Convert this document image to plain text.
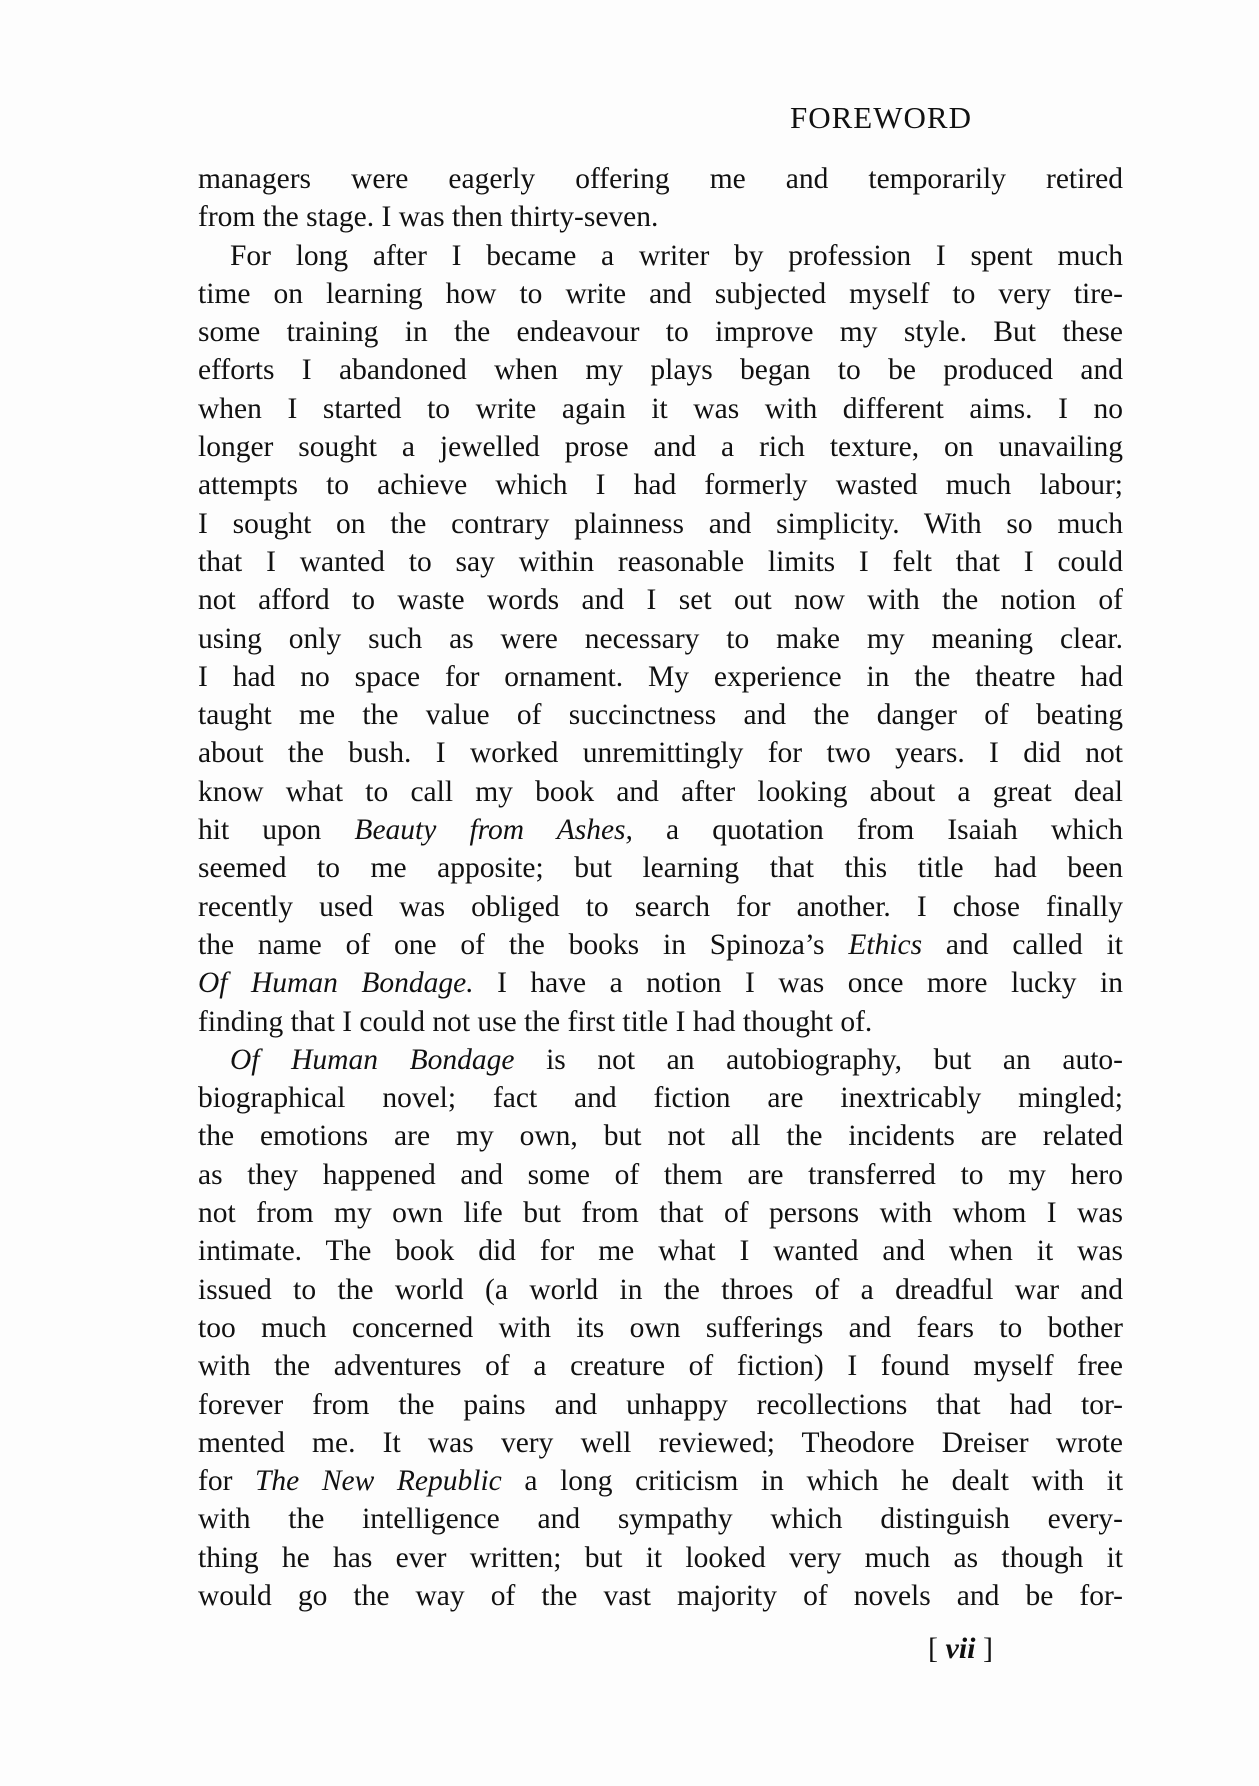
FOREWORD
managers were eagerly offering me and temporarily retired
from the stage. I was then thirty-seven.
For long after I became a writer by profession I spent much
time on learning how to write and subjected myself to very tire-
some training in the endeavour to improve my style. But these
efforts I abandoned when my plays began to be produced and
when I started to write again it was with different aims. I no
longer sought a jewelled prose and a rich texture, on unavailing
attempts to achieve which I had formerly wasted much labour;
I sought on the contrary plainness and simplicity. With so much
that I wanted to say within reasonable limits I felt that I could
not afford to waste words and I set out now with the notion of
using only such as were necessary to make my meaning clear.
I had no space for ornament. My experience in the theatre had
taught me the value of succinctness and the danger of beating
about the bush. I worked unremittingly for two years. I did not
know what to call my book and after looking about a great deal
hit upon Beauty from Ashes, a quotation from Isaiah which
seemed to me apposite; but learning that this title had been
recently used was obliged to search for another. I chose finally
the name of one of the books in Spinoza’s Ethics and called it
Of Human Bondage. I have a notion I was once more lucky in
finding that I could not use the first title I had thought of.
Of Human Bondage is not an autobiography, but an auto-
biographical novel; fact and fiction are inextricably mingled;
the emotions are my own, but not all the incidents are related
as they happened and some of them are transferred to my hero
not from my own life but from that of persons with whom I was
intimate. The book did for me what I wanted and when it was
issued to the world (a world in the throes of a dreadful war and
too much concerned with its own sufferings and fears to bother
with the adventures of a creature of fiction) I found myself free
forever from the pains and unhappy recollections that had tor-
mented me. It was very well reviewed; Theodore Dreiser wrote
for The New Republic a long criticism in which he dealt with it
with the intelligence and sympathy which distinguish every-
thing he has ever written; but it looked very much as though it
would go the way of the vast majority of novels and be for-
[ vii ]
